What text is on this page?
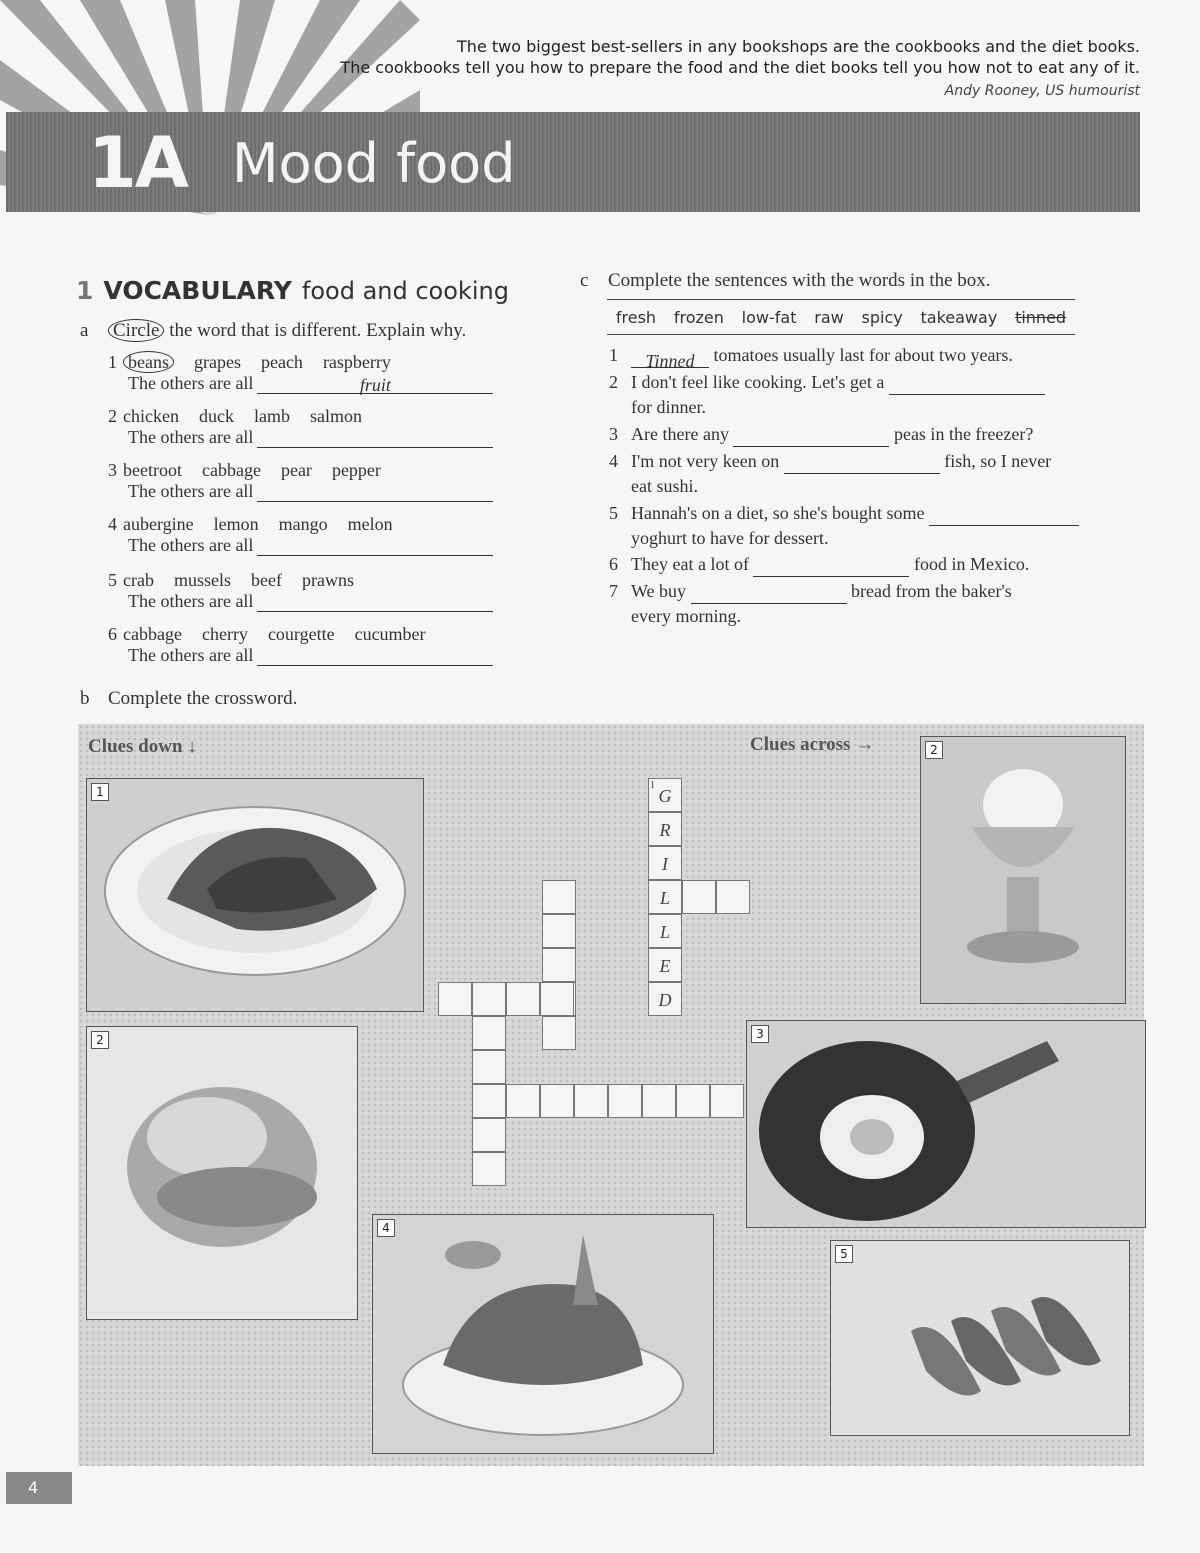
The two biggest best-sellers in any bookshops are the cookbooks and the diet books.
The cookbooks tell you how to prepare the food and the diet books tell you how not to eat any of it.
Andy Rooney, US humourist
1A Mood food
1 VOCABULARY food and cooking
a Circle the word that is different. Explain why.
1 beans grapes peach raspberry
The others are all	fruit
2 chicken duck lamb salmon
The others are all
3 beetroot cabbage pear pepper
The others are all
4 aubergine lemon mango melon
The others are all
5 crab mussels beef prawns
The others are all
6 cabbage cherry courgette cucumber
The others are all
b Complete the crossword.
c Complete the sentences with the words in the box.
fresh frozen low-fat raw spicy takeaway tinned
1 Tinned tomatoes usually last for about two years.
2 I don't feel like cooking. Let's get a
for dinner.
3 Are there any	peas in the freezer?
4 I'm not very keen on	fish, so I never
eat sushi.
5 Hannah's on a diet, so she's bought some
yoghurt to have for dessert.
6 They eat a lot of	food in Mexico.
7 We buy	bread from the baker's
every morning.
Clues down ↓	Clues across →
1
2
4
2
3
5
G
1
R
I
L
L
E
D
4
